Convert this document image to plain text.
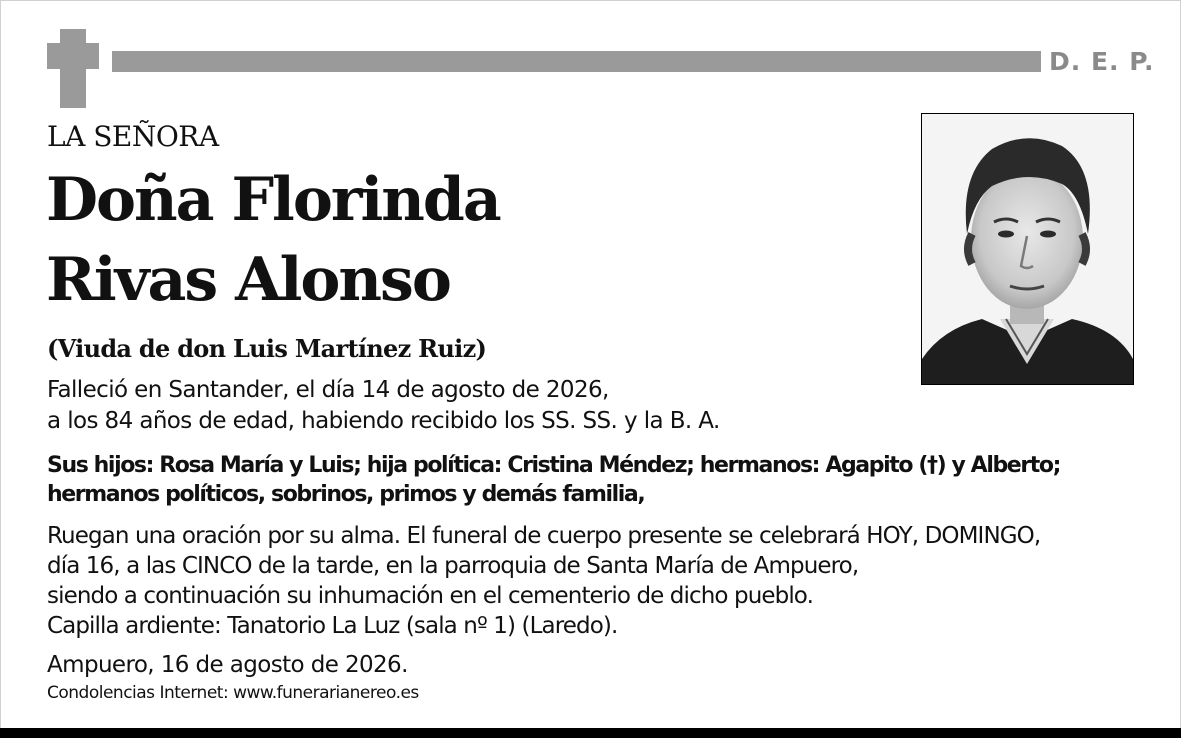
D. E. P.
LA SEÑORA
Doña Florinda
Rivas Alonso
(Viuda de don Luis Martínez Ruiz)
Falleció en Santander, el día 14 de agosto de 2026,
a los 84 años de edad, habiendo recibido los SS. SS. y la B. A.
Sus hijos: Rosa María y Luis; hija política: Cristina Méndez; hermanos: Agapito (†) y Alberto;
hermanos políticos, sobrinos, primos y demás familia,
Ruegan una oración por su alma. El funeral de cuerpo presente se celebrará HOY, DOMINGO,
día 16, a las CINCO de la tarde, en la parroquia de Santa María de Ampuero,
siendo a continuación su inhumación en el cementerio de dicho pueblo.
Capilla ardiente: Tanatorio La Luz (sala nº 1) (Laredo).
Ampuero, 16 de agosto de 2026.
Condolencias Internet: www.funerarianereo.es
